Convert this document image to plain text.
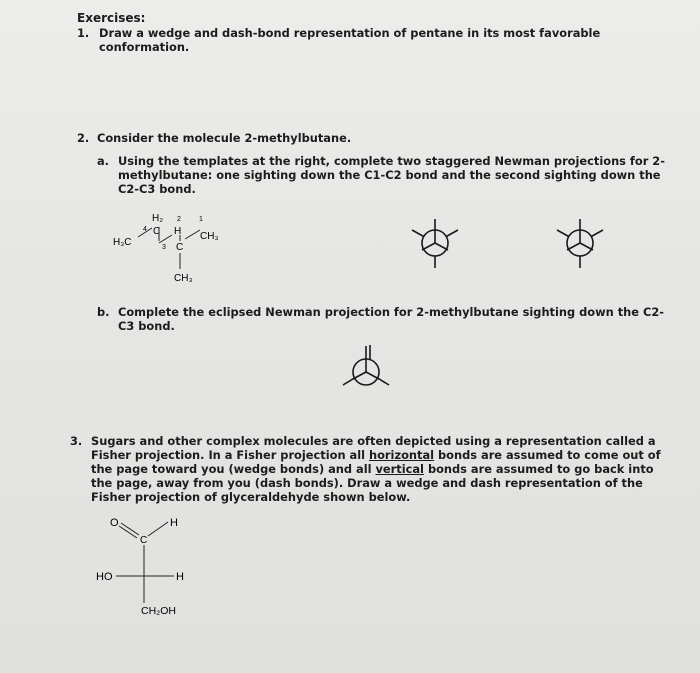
Exercises:
1. Draw a wedge and dash-bond representation of pentane in its most favorable
conformation.
2. Consider the molecule 2-methylbutane.
a. Using the templates at the right, complete two staggered Newman projections for 2-
methylbutane: one sighting down the C1-C2 bond and the second sighting down the
C2-C3 bond.
H₂ 2	1
H₃C
4 C
3
H
C
CH₃
CH₃
b. Complete the eclipsed Newman projection for 2-methylbutane sighting down the C2-
C3 bond.
3. Sugars and other complex molecules are often depicted using a representation called a
Fisher projection. In a Fisher projection all horizontal bonds are assumed to come out of
the page toward you (wedge bonds) and all vertical bonds are assumed to go back into
the page, away from you (dash bonds). Draw a wedge and dash representation of the
Fisher projection of glyceraldehyde shown below.
O	H
C
HO	H
CH₂OH
